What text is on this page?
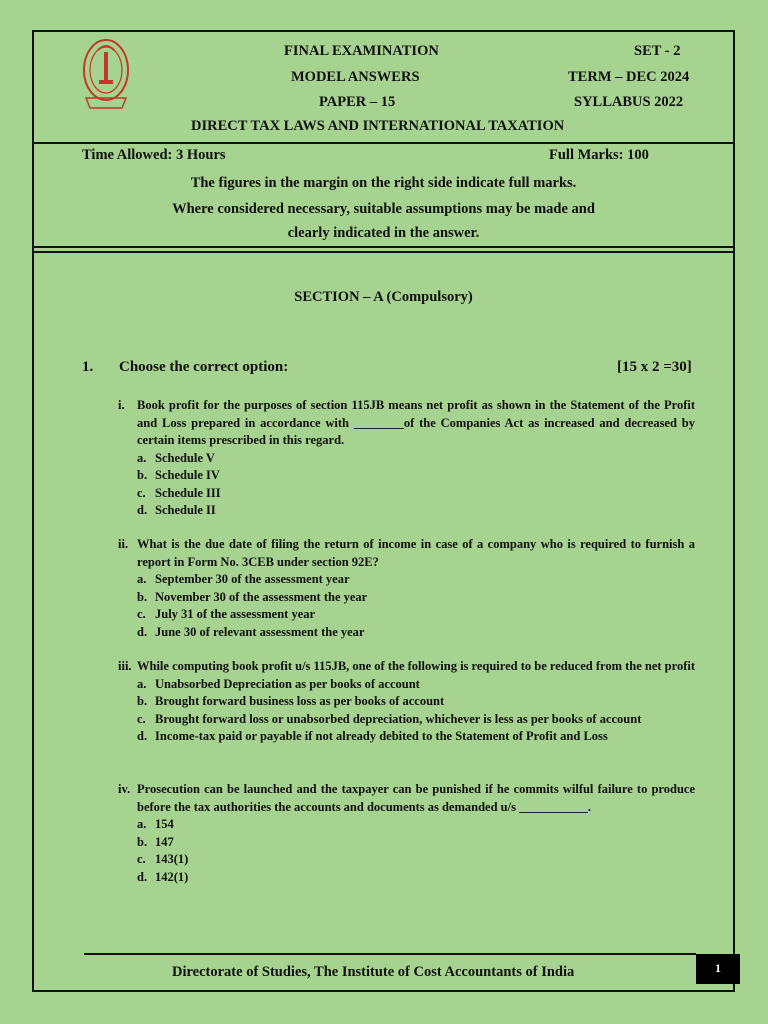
FINAL EXAMINATION	SET - 2
MODEL ANSWERS	TERM – DEC 2024
PAPER – 15	SYLLABUS 2022
DIRECT TAX LAWS AND INTERNATIONAL TAXATION
Time Allowed: 3 Hours	Full Marks: 100
The figures in the margin on the right side indicate full marks.
Where considered necessary, suitable assumptions may be made and
clearly indicated in the answer.
SECTION – A (Compulsory)
1. Choose the correct option:	[15 x 2 =30]
i. Book profit for the purposes of section 115JB means net profit as shown in the Statement of the Profit and Loss prepared in accordance with ________of the Companies Act as increased and decreased by certain items prescribed in this regard.
a. Schedule V
b. Schedule IV
c. Schedule III
d. Schedule II
ii. What is the due date of filing the return of income in case of a company who is required to furnish a report in Form No. 3CEB under section 92E?
a. September 30 of the assessment year
b. November 30 of the assessment the year
c. July 31 of the assessment year
d. June 30 of relevant assessment the year
iii. While computing book profit u/s 115JB, one of the following is required to be reduced from the net profit
a. Unabsorbed Depreciation as per books of account
b. Brought forward business loss as per books of account
c. Brought forward loss or unabsorbed depreciation, whichever is less as per books of account
d. Income-tax paid or payable if not already debited to the Statement of Profit and Loss
iv. Prosecution can be launched and the taxpayer can be punished if he commits wilful failure to produce before the tax authorities the accounts and documents as demanded u/s ___________.
a. 154
b. 147
c. 143(1)
d. 142(1)
Directorate of Studies, The Institute of Cost Accountants of India	1
